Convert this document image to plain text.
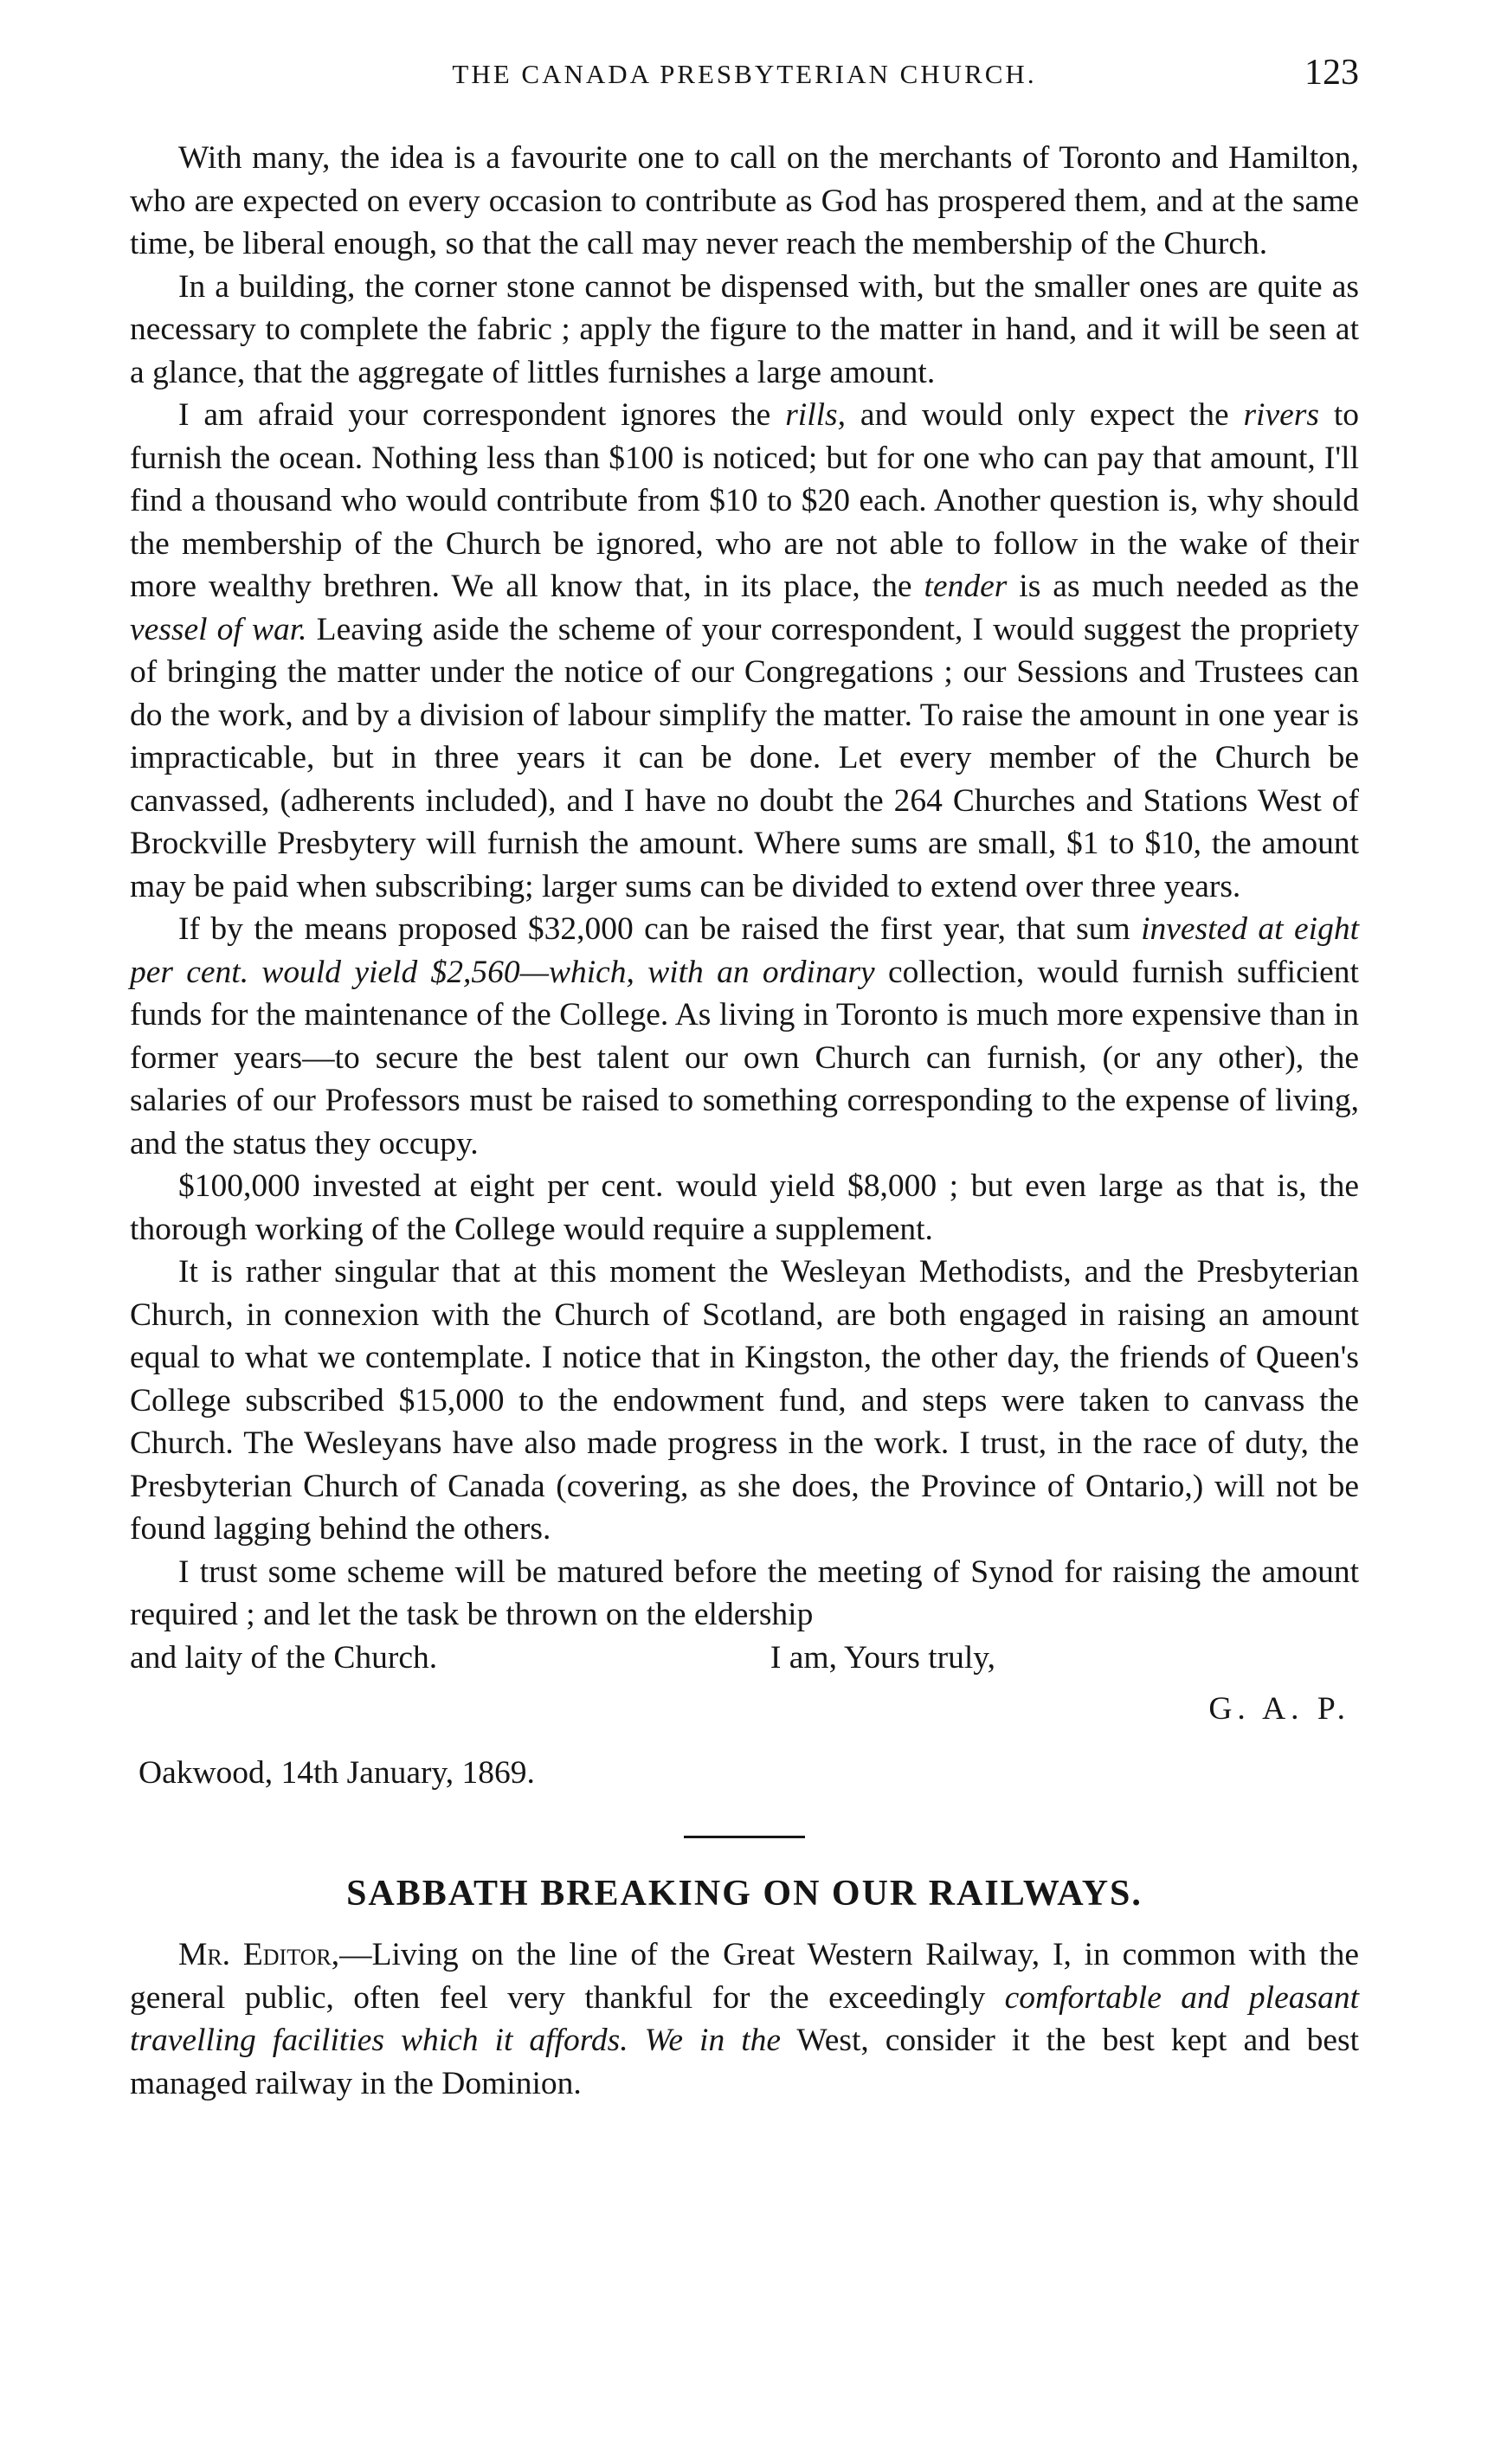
THE CANADA PRESBYTERIAN CHURCH.	123

With many, the idea is a favourite one to call on the merchants of Toronto and Hamilton, who are expected on every occasion to contribute as God has prospered them, and at the same time, be liberal enough, so that the call may never reach the membership of the Church.

In a building, the corner stone cannot be dispensed with, but the smaller ones are quite as necessary to complete the fabric ; apply the figure to the matter in hand, and it will be seen at a glance, that the aggregate of littles furnishes a large amount.

I am afraid your correspondent ignores the rills, and would only expect the rivers to furnish the ocean. Nothing less than $100 is noticed; but for one who can pay that amount, I'll find a thousand who would contribute from $10 to $20 each. Another question is, why should the membership of the Church be ignored, who are not able to follow in the wake of their more wealthy brethren. We all know that, in its place, the tender is as much needed as the vessel of war. Leaving aside the scheme of your correspondent, I would suggest the propriety of bringing the matter under the notice of our Congregations ; our Sessions and Trustees can do the work, and by a division of labour simplify the matter. To raise the amount in one year is impracticable, but in three years it can be done. Let every member of the Church be canvassed, (adherents included), and I have no doubt the 264 Churches and Stations West of Brockville Presbytery will furnish the amount. Where sums are small, $1 to $10, the amount may be paid when subscribing; larger sums can be divided to extend over three years.

If by the means proposed $32,000 can be raised the first year, that sum invested at eight per cent. would yield $2,560—which, with an ordinary collection, would furnish sufficient funds for the maintenance of the College. As living in Toronto is much more expensive than in former years—to secure the best talent our own Church can furnish, (or any other), the salaries of our Professors must be raised to something corresponding to the expense of living, and the status they occupy.

$100,000 invested at eight per cent. would yield $8,000 ; but even large as that is, the thorough working of the College would require a supplement.

It is rather singular that at this moment the Wesleyan Methodists, and the Presbyterian Church, in connexion with the Church of Scotland, are both engaged in raising an amount equal to what we contemplate. I notice that in Kingston, the other day, the friends of Queen's College subscribed $15,000 to the endowment fund, and steps were taken to canvass the Church. The Wesleyans have also made progress in the work. I trust, in the race of duty, the Presbyterian Church of Canada (covering, as she does, the Province of Ontario,) will not be found lagging behind the others.

I trust some scheme will be matured before the meeting of Synod for raising the amount required ; and let the task be thrown on the eldership

and laity of the Church.	I am, Yours truly,
G. A. P.
Oakwood, 14th January, 1869.
SABBATH BREAKING ON OUR RAILWAYS.

Mr. Editor,—Living on the line of the Great Western Railway, I, in common with the general public, often feel very thankful for the exceedingly comfortable and pleasant travelling facilities which it affords. We in the West, consider it the best kept and best managed railway in the Dominion.
